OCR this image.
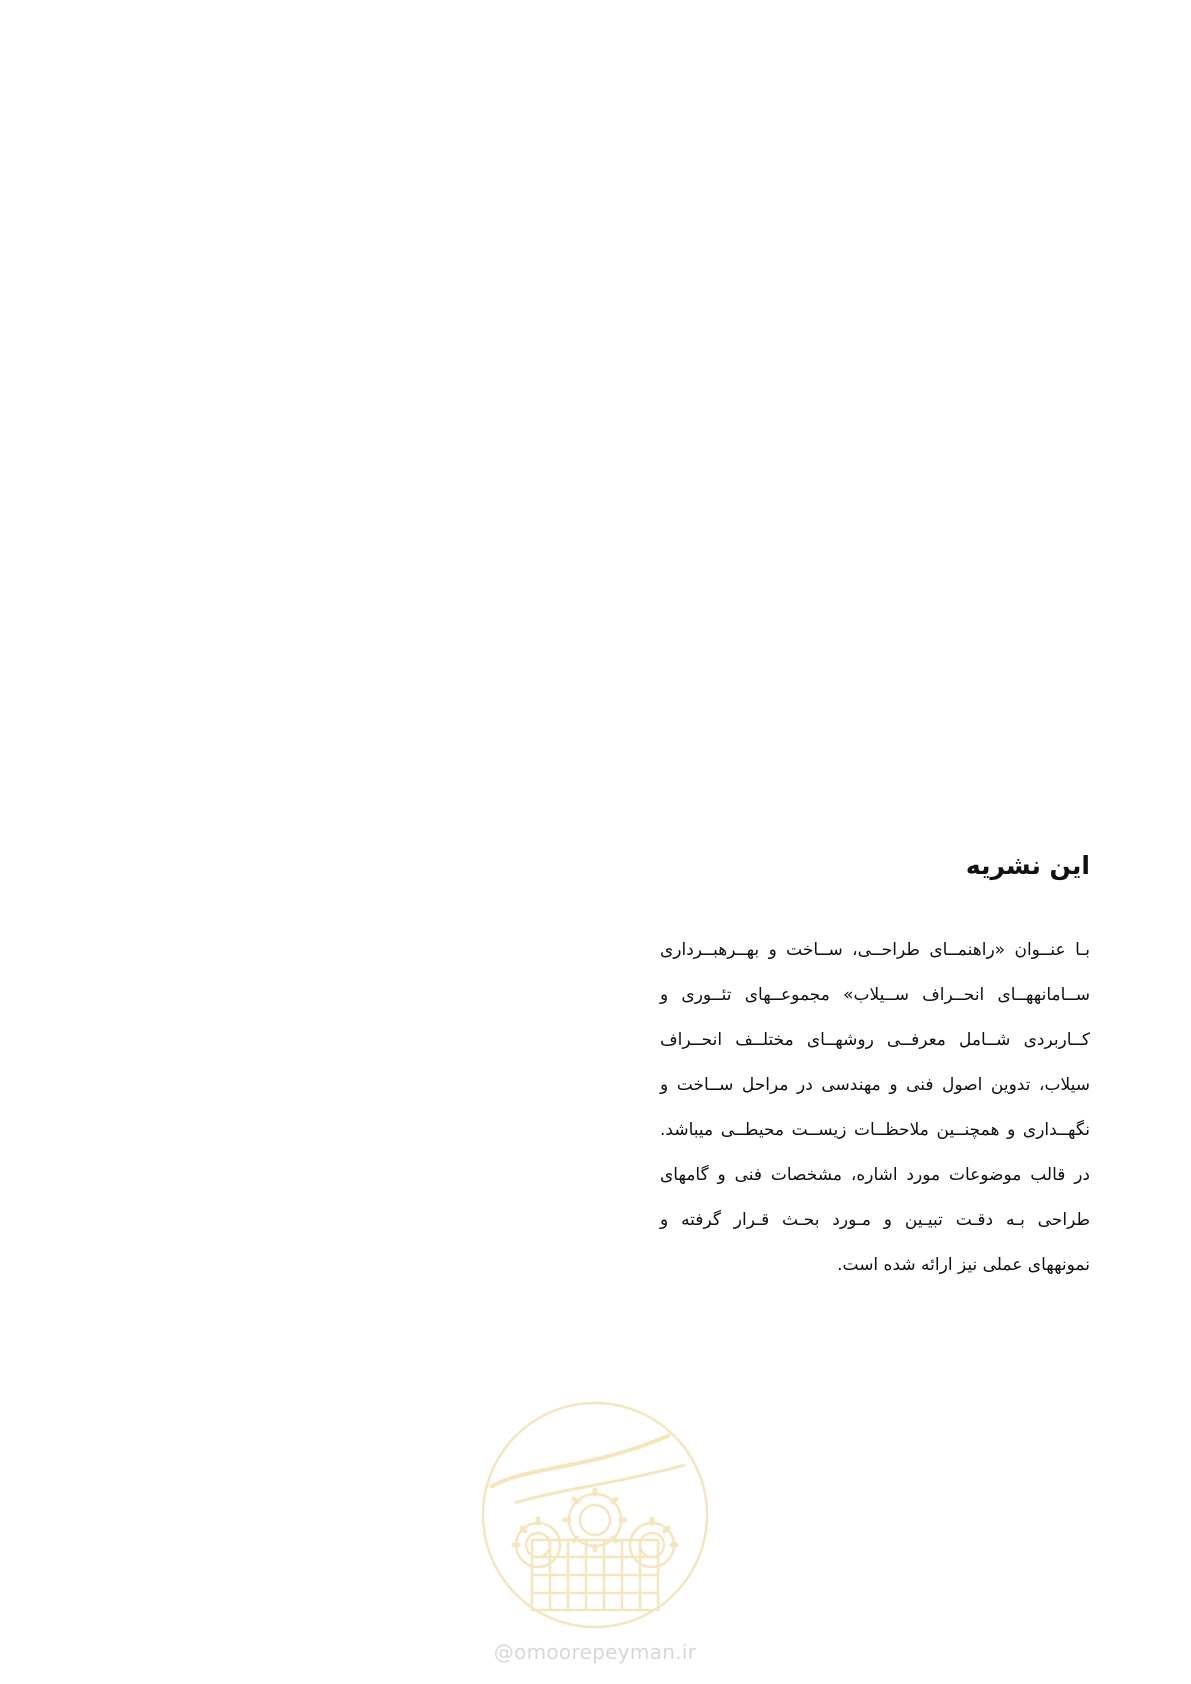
این نشریه

بـا عنــوان «راهنمــای طراحــی، ســاخت و بهــرهبــرداری ســامانههــای انحــراف ســیلاب» مجموعــهای تئــوری و کــاربردی شــامل معرفــی روشهــای مختلــف انحــراف سیلاب، تدوین اصول فنی و مهندسی در مراحل ســاخت و نگهــداری و همچنــین ملاحظــات زیســت محیطــی میباشد. در قالب موضوعات مورد اشاره، مشخصات فنی و گامهای طراحی بـه دقـت تبیـین و مـورد بحـث قـرار گرفته و نمونههای عملی نیز ارائه شده است.

@omoorepeyman.ir
